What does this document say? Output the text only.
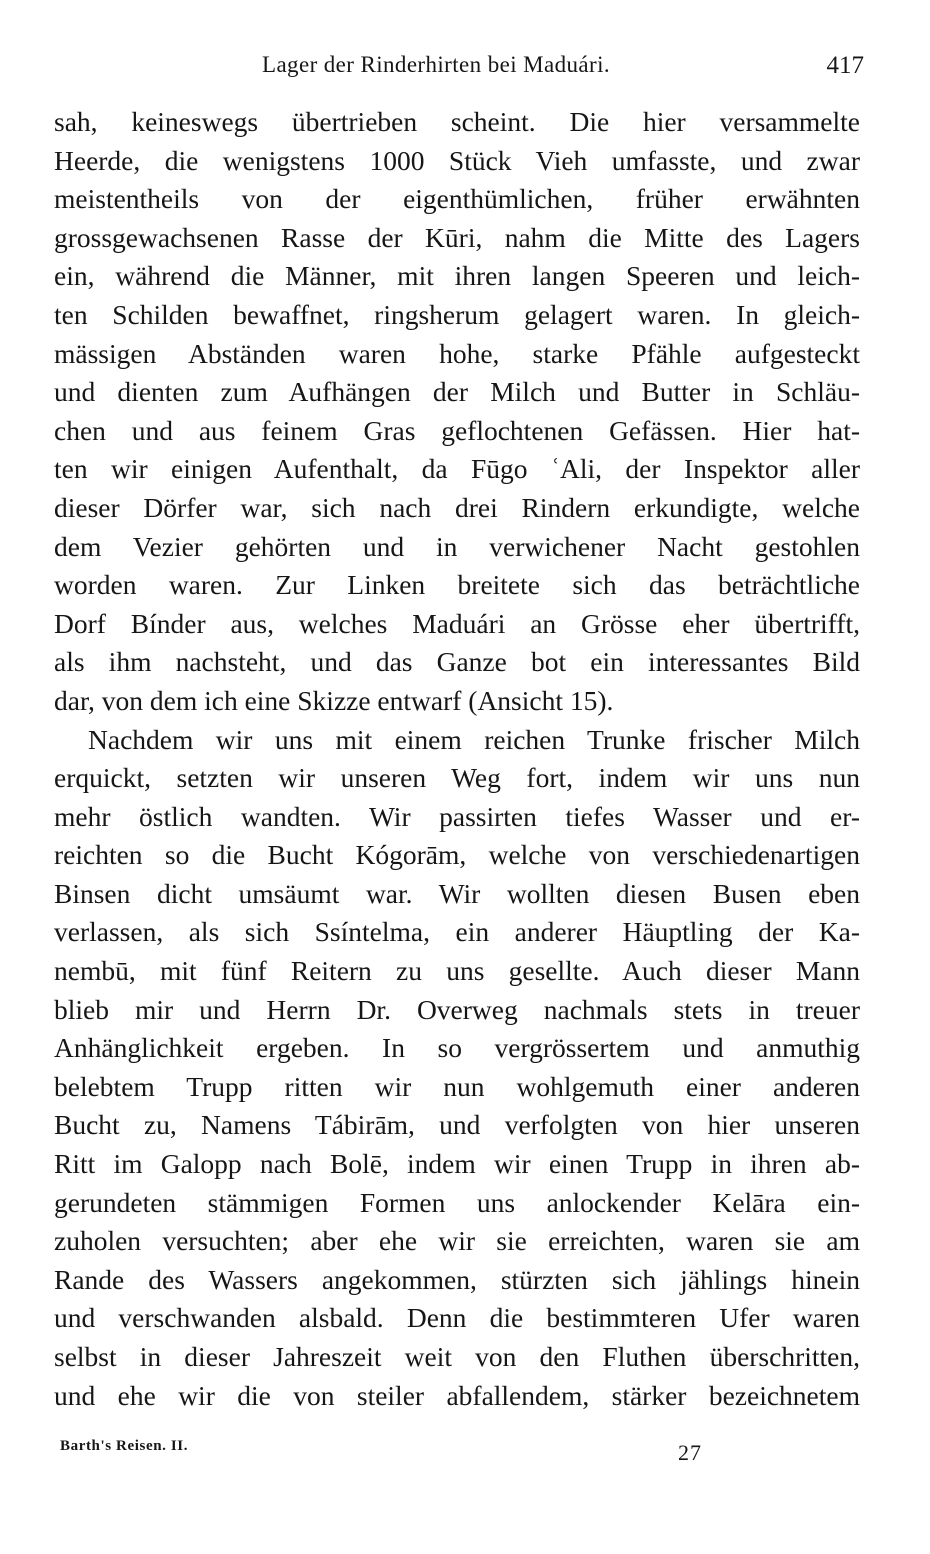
Lager der Rinderhirten bei Maduári.	417
sah, keineswegs übertrieben scheint. Die hier versammelte
Heerde, die wenigstens 1000 Stück Vieh umfasste, und zwar
meistentheils von der eigenthümlichen, früher erwähnten
grossgewachsenen Rasse der Kūri, nahm die Mitte des Lagers
ein, während die Männer, mit ihren langen Speeren und leich-
ten Schilden bewaffnet, ringsherum gelagert waren. In gleich-
mässigen Abständen waren hohe, starke Pfähle aufgesteckt
und dienten zum Aufhängen der Milch und Butter in Schläu-
chen und aus feinem Gras geflochtenen Gefässen. Hier hat-
ten wir einigen Aufenthalt, da Fūgo ʿAli, der Inspektor aller
dieser Dörfer war, sich nach drei Rindern erkundigte, welche
dem Vezier gehörten und in verwichener Nacht gestohlen
worden waren. Zur Linken breitete sich das beträchtliche
Dorf Bínder aus, welches Maduári an Grösse eher übertrifft,
als ihm nachsteht, und das Ganze bot ein interessantes Bild
dar, von dem ich eine Skizze entwarf (Ansicht 15).
Nachdem wir uns mit einem reichen Trunke frischer Milch
erquickt, setzten wir unseren Weg fort, indem wir uns nun
mehr östlich wandten. Wir passirten tiefes Wasser und er-
reichten so die Bucht Kógorām, welche von verschiedenartigen
Binsen dicht umsäumt war. Wir wollten diesen Busen eben
verlassen, als sich Ssíntelma, ein anderer Häuptling der Ka-
nembū, mit fünf Reitern zu uns gesellte. Auch dieser Mann
blieb mir und Herrn Dr. Overweg nachmals stets in treuer
Anhänglichkeit ergeben. In so vergrössertem und anmuthig
belebtem Trupp ritten wir nun wohlgemuth einer anderen
Bucht zu, Namens Tábirām, und verfolgten von hier unseren
Ritt im Galopp nach Bolē, indem wir einen Trupp in ihren ab-
gerundeten stämmigen Formen uns anlockender Kelāra ein-
zuholen versuchten; aber ehe wir sie erreichten, waren sie am
Rande des Wassers angekommen, stürzten sich jählings hinein
und verschwanden alsbald. Denn die bestimmteren Ufer waren
selbst in dieser Jahreszeit weit von den Fluthen überschritten,
und ehe wir die von steiler abfallendem, stärker bezeichnetem
Barth's Reisen. II.	27
